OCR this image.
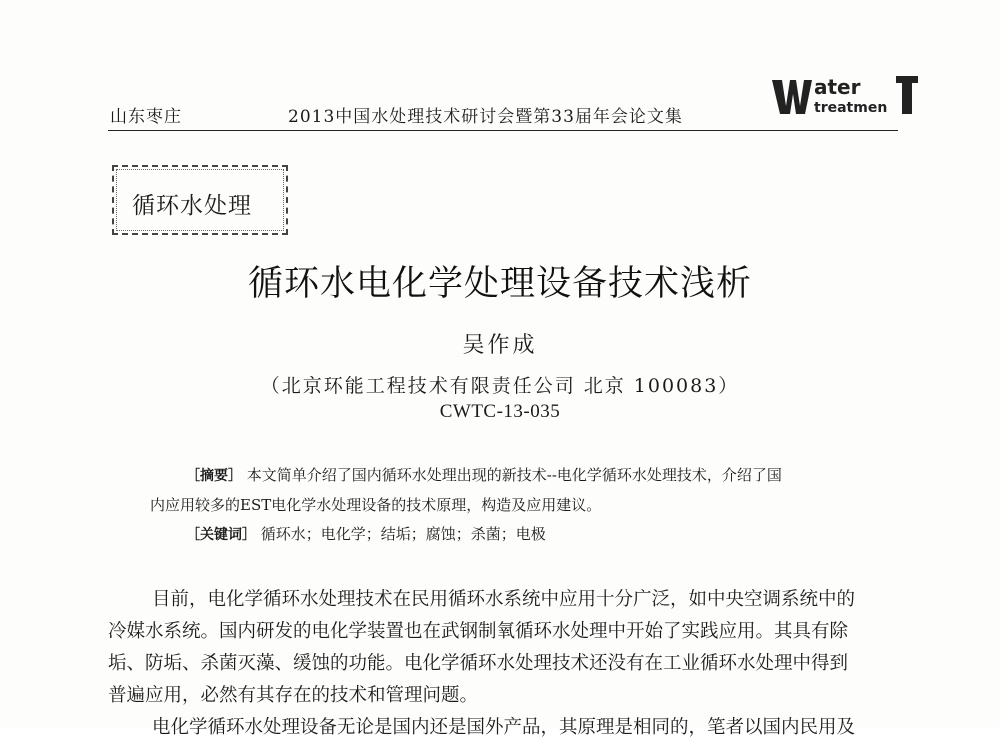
山东枣庄	2013中国水处理技术研讨会暨第33届年会论文集
ater
treatmen	China
循环水处理
循环水电化学处理设备技术浅析
吴作成
（北京环能工程技术有限责任公司 北京 100083）
CWTC-13-035
［摘要］ 本文简单介绍了国内循环水处理出现的新技术--电化学循环水处理技术，介绍了国
内应用较多的EST电化学水处理设备的技术原理，构造及应用建议。
［关键词］ 循环水；电化学；结垢；腐蚀；杀菌；电极
目前，电化学循环水处理技术在民用循环水系统中应用十分广泛，如中央空调系统中的
冷媒水系统。国内研发的电化学装置也在武钢制氧循环水处理中开始了实践应用。其具有除
垢、防垢、杀菌灭藻、缓蚀的功能。电化学循环水处理技术还没有在工业循环水处理中得到
普遍应用，必然有其存在的技术和管理问题。
电化学循环水处理设备无论是国内还是国外产品，其原理是相同的，笔者以国内民用及
